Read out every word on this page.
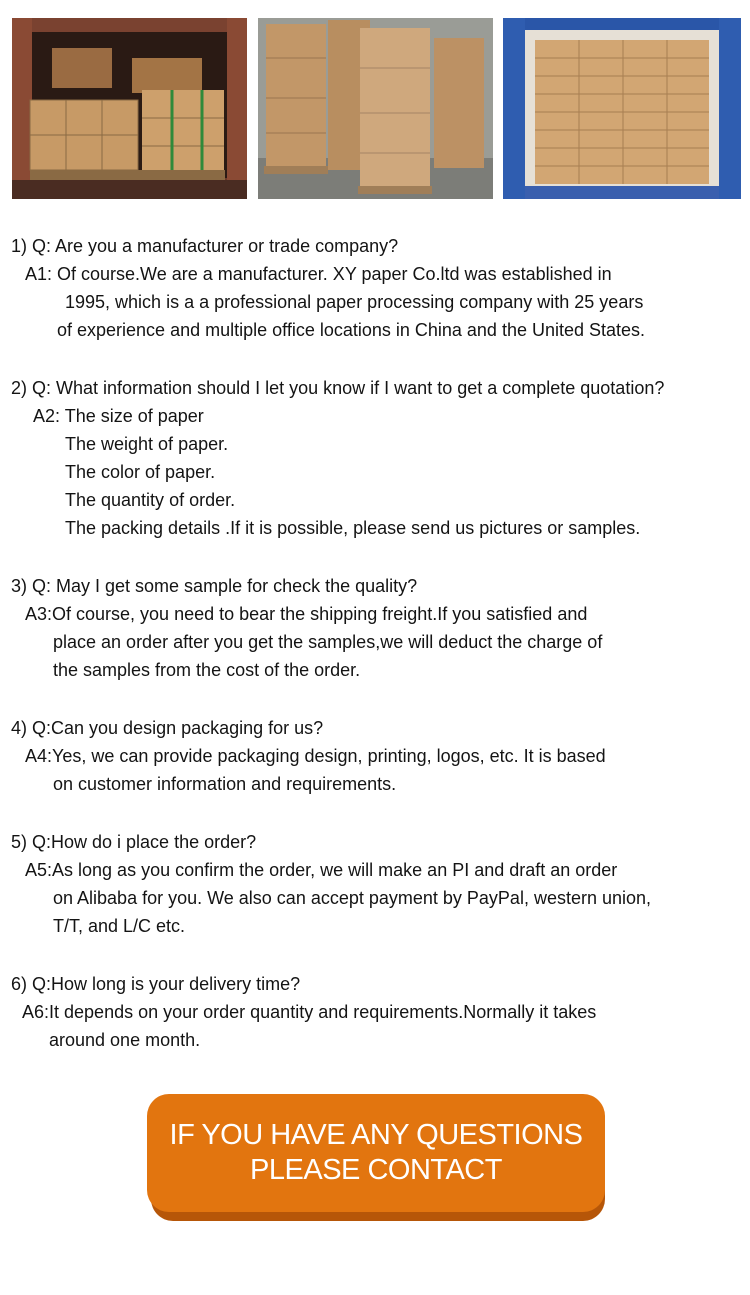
1) Q: Are you a manufacturer or trade company?
A1: Of course.We are a manufacturer. XY paper Co.ltd was established in
1995, which is a a professional paper processing company with 25 years
of experience and multiple office locations in China and the United States.
2) Q: What information should I let you know if I want to get a complete quotation?
A2: The size of paper
The weight of paper.
The color of paper.
The quantity of order.
The packing details .If it is possible, please send us pictures or samples.
3) Q: May I get some sample for check the quality?
A3:Of course, you need to bear the shipping freight.If you satisfied and
place an order after you get the samples,we will deduct the charge of
the samples from the cost of the order.
4) Q:Can you design packaging for us?
A4:Yes, we can provide packaging design, printing, logos, etc. It is based
on customer information and requirements.
5) Q:How do i place the order?
A5:As long as you confirm the order, we will make an PI and draft an order
on Alibaba for you. We also can accept payment by PayPal, western union,
T/T, and L/C etc.
6) Q:How long is your delivery time?
A6:It depends on your order quantity and requirements.Normally it takes
around one month.
IF YOU HAVE ANY QUESTIONS
PLEASE CONTACT
